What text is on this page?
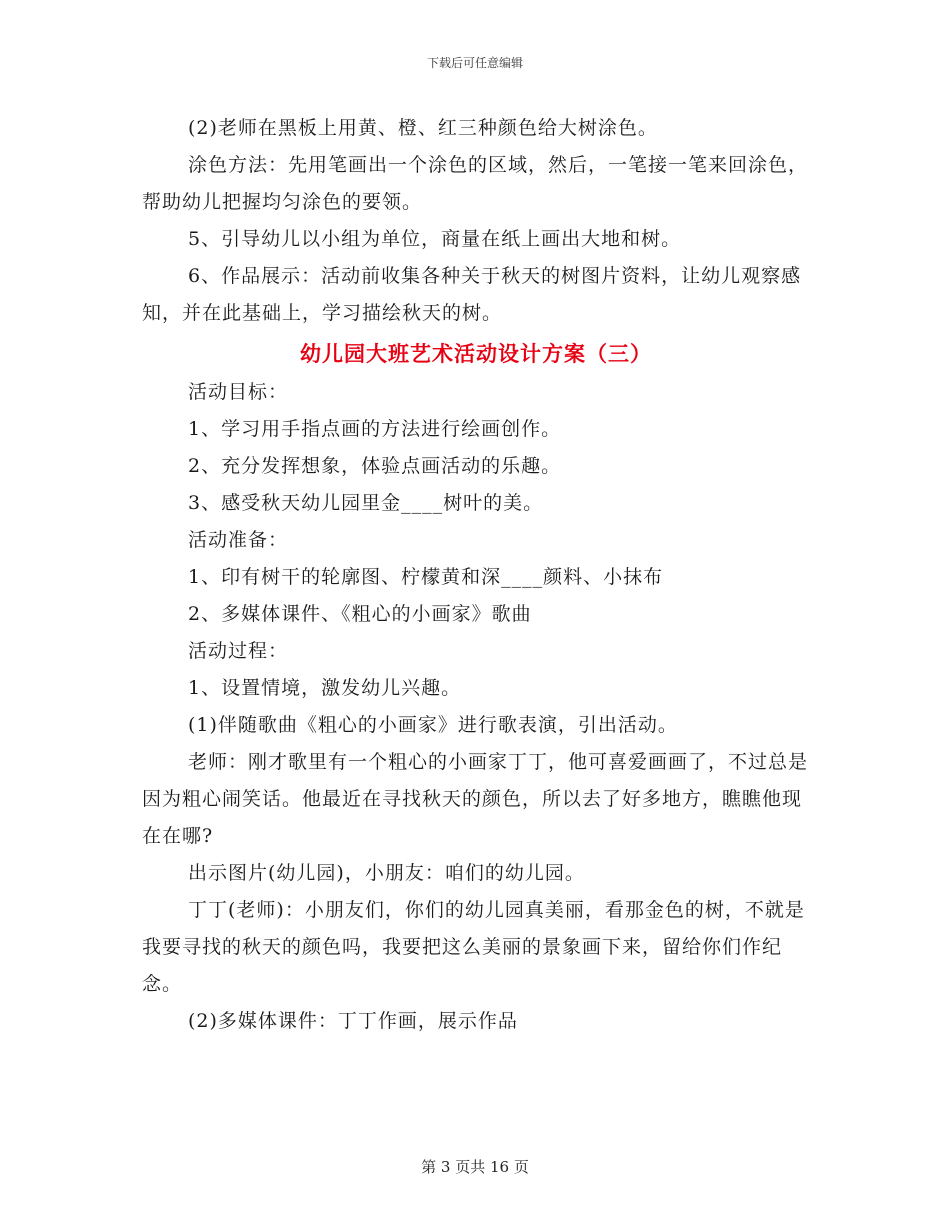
下载后可任意编辑

(2)老师在黑板上用黄、橙、红三种颜色给大树涂色。

涂色方法：先用笔画出一个涂色的区域，然后，一笔接一笔来回涂色，帮助幼儿把握均匀涂色的要领。

5、引导幼儿以小组为单位，商量在纸上画出大地和树。

6、作品展示：活动前收集各种关于秋天的树图片资料，让幼儿观察感知，并在此基础上，学习描绘秋天的树。

幼儿园大班艺术活动设计方案（三）

活动目标：

1、学习用手指点画的方法进行绘画创作。

2、充分发挥想象，体验点画活动的乐趣。

3、感受秋天幼儿园里金____树叶的美。

活动准备：

1、印有树干的轮廓图、柠檬黄和深____颜料、小抹布

2、多媒体课件、《粗心的小画家》歌曲

活动过程：

1、设置情境，激发幼儿兴趣。

(1)伴随歌曲《粗心的小画家》进行歌表演，引出活动。

老师：刚才歌里有一个粗心的小画家丁丁，他可喜爱画画了，不过总是因为粗心闹笑话。他最近在寻找秋天的颜色，所以去了好多地方，瞧瞧他现在在哪?

出示图片(幼儿园)，小朋友：咱们的幼儿园。

丁丁(老师)：小朋友们，你们的幼儿园真美丽，看那金色的树，不就是我要寻找的秋天的颜色吗，我要把这么美丽的景象画下来，留给你们作纪念。

(2)多媒体课件：丁丁作画，展示作品

第 3 页共 16 页
